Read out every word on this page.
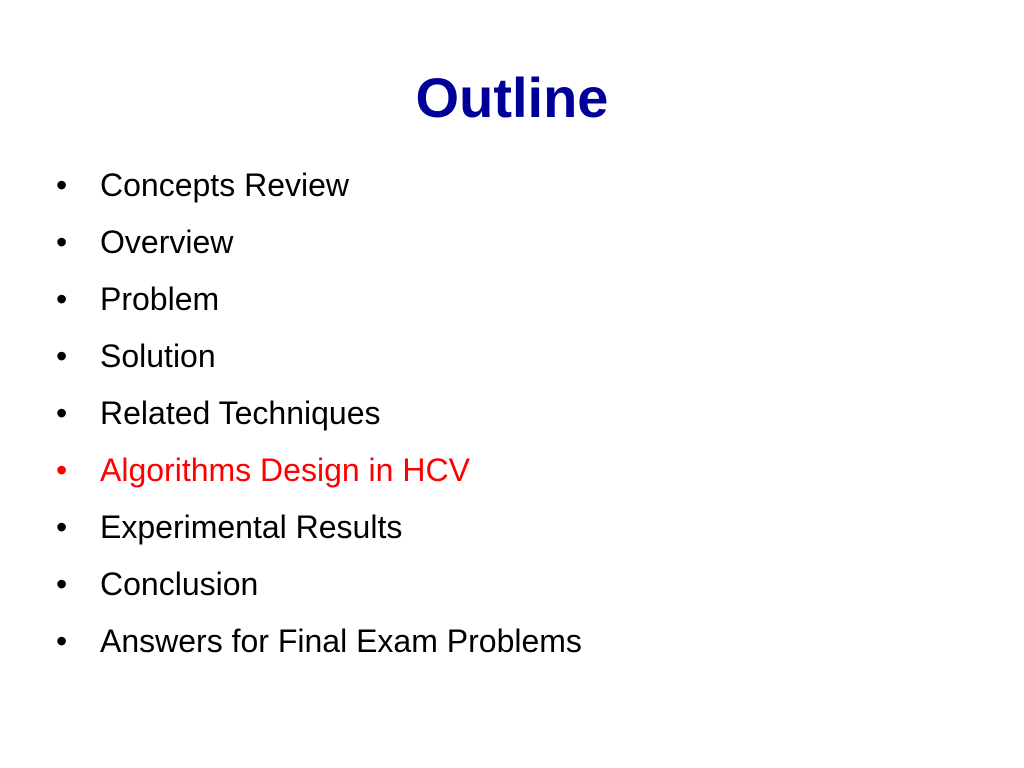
Outline
•	Concepts Review
•	Overview
•	Problem
•	Solution
•	Related Techniques
•	Algorithms Design in HCV
•	Experimental Results
•	Conclusion
•	Answers for Final Exam Problems
